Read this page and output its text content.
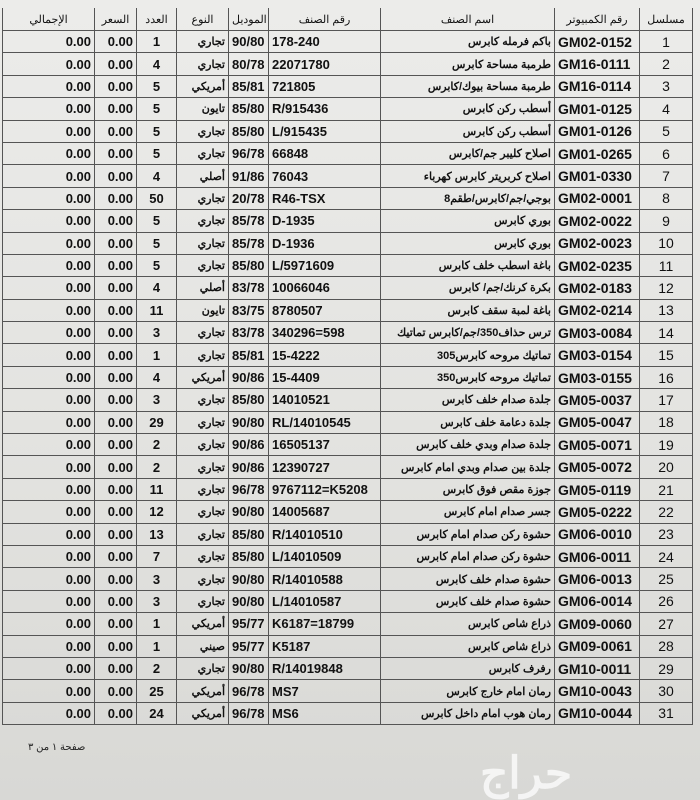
الإجمالي	السعر	العدد	النوع	الموديل	رقم الصنف	اسم الصنف	رقم الكمبيوتر	مسلسل
0.00	0.00	1	تجاري	90/80	178-240	باكم فرمله كابرس	GM02-0152	1
0.00	0.00	4	تجاري	80/78	22071780	طرمبة مساحة كابرس	GM16-0111	2
0.00	0.00	5	أمريكي	85/81	721805	طرمبة مساحة بيوك/كابرس	GM16-0114	3
0.00	0.00	5	تايون	85/80	R/915436	أسطب ركن كابرس	GM01-0125	4
0.00	0.00	5	تجاري	85/80	L/915435	أسطب ركن كابرس	GM01-0126	5
0.00	0.00	5	تجاري	96/78	66848	اصلاح كليبر جم/كابرس	GM01-0265	6
0.00	0.00	4	أصلي	91/86	76043	اصلاح كربريتر كابرس كهرباء	GM01-0330	7
0.00	0.00	50	تجاري	20/78	R46-TSX	بوجي/جم/كابرس/طقم8	GM02-0001	8
0.00	0.00	5	تجاري	85/78	D-1935	بوري كابرس	GM02-0022	9
0.00	0.00	5	تجاري	85/78	D-1936	بوري كابرس	GM02-0023	10
0.00	0.00	5	تجاري	85/80	L/5971609	باغة اسطب خلف كابرس	GM02-0235	11
0.00	0.00	4	أصلي	83/78	10066046	بكرة كرنك/جم/ كابرس	GM02-0183	12
0.00	0.00	11	تايون	83/75	8780507	باغة لمبة سقف كابرس	GM02-0214	13
0.00	0.00	3	تجاري	83/78	340296=598	ترس حذاف350/جم/كابرس تماتيك	GM03-0084	14
0.00	0.00	1	تجاري	85/81	15-4222	تماتيك مروحه كابرس305	GM03-0154	15
0.00	0.00	4	أمريكي	90/86	15-4409	تماتيك مروحه كابرس350	GM03-0155	16
0.00	0.00	3	تجاري	85/80	14010521	جلدة صدام خلف كابرس	GM05-0037	17
0.00	0.00	29	تجاري	90/80	RL/14010545	جلدة دعامة خلف كابرس	GM05-0047	18
0.00	0.00	2	تجاري	90/86	16505137	جلدة صدام وبدي خلف كابرس	GM05-0071	19
0.00	0.00	2	تجاري	90/86	12390727	جلدة بين صدام وبدي امام كابرس	GM05-0072	20
0.00	0.00	11	تجاري	96/78	9767112=K5208	جوزة مقص فوق كابرس	GM05-0119	21
0.00	0.00	12	تجاري	90/80	14005687	جسر صدام امام كابرس	GM05-0222	22
0.00	0.00	13	تجاري	85/80	R/14010510	حشوة ركن صدام امام كابرس	GM06-0010	23
0.00	0.00	7	تجاري	85/80	L/14010509	حشوة ركن صدام امام كابرس	GM06-0011	24
0.00	0.00	3	تجاري	90/80	R/14010588	حشوة صدام خلف كابرس	GM06-0013	25
0.00	0.00	3	تجاري	90/80	L/14010587	حشوة صدام خلف كابرس	GM06-0014	26
0.00	0.00	1	أمريكي	95/77	K6187=18799	ذراع شاص كابرس	GM09-0060	27
0.00	0.00	1	صيني	95/77	K5187	ذراع شاص كابرس	GM09-0061	28
0.00	0.00	2	تجاري	90/80	R/14019848	رفرف كابرس	GM10-0011	29
0.00	0.00	25	أمريكي	96/78	MS7	رمان امام خارج كابرس	GM10-0043	30
0.00	0.00	24	أمريكي	96/78	MS6	رمان هوب امام داخل كابرس	GM10-0044	31
صفحة ١ من ٣
حراج
